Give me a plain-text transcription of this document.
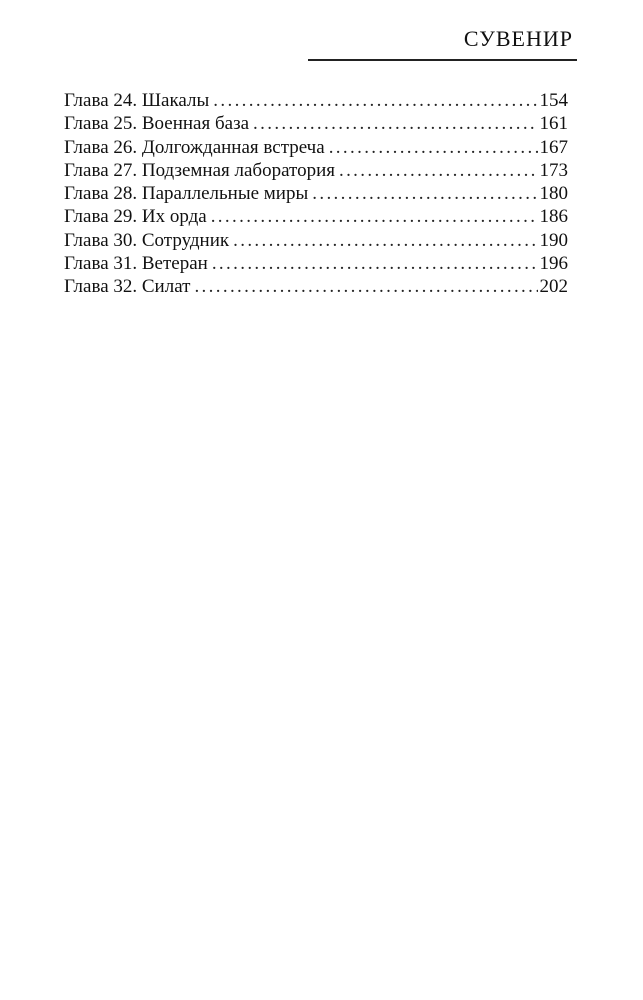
СУВЕНИР
Глава 24. Шакалы . . .	154
Глава 25. Военная база . . .	161
Глава 26. Долгожданная встреча . . .	167
Глава 27. Подземная лаборатория . . .	173
Глава 28. Параллельные миры . . .	180
Глава 29. Их орда . . .	186
Глава 30. Сотрудник . . .	190
Глава 31. Ветеран . . .	196
Глава 32. Силат . . .	202
